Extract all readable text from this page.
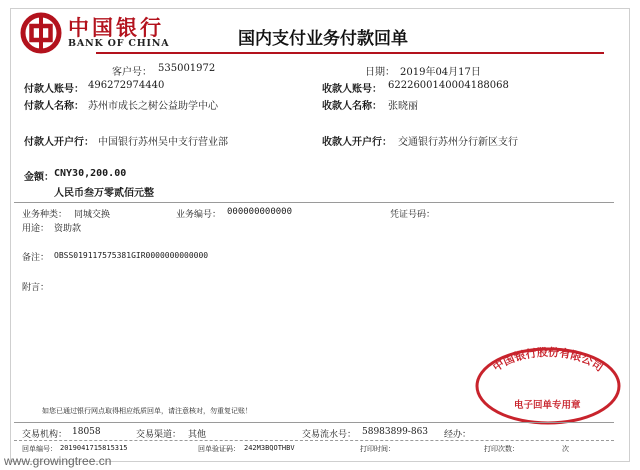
中国银行
BANK OF CHINA	国内支付业务付款回单
客户号： 535001972	日期： 2019年04月17日
付款人账号： 496272974440	收款人账号： 6222600140004188068
付款人名称： 苏州市成长之树公益助学中心	收款人名称： 张晓丽
付款人开户行： 中国银行苏州吴中支行营业部	收款人开户行： 交通银行苏州分行新区支行
金额： CNY30,200.00
人民币叁万零贰佰元整
业务种类： 同城交换	业务编号： 000000000000	凭证号码：
用途： 资助款
备注： OBSS019117575381GIR0000000000000
附言：
中国银行股份有限公司
电子回单专用章
如您已通过银行网点取得相应纸质回单，请注意核对，勿重复记账！
交易机构： 18058	交易渠道： 其他	交易流水号： 58983899-863 经办：
回单编号： 2019041715815315	回单验证码： 242M3BQOTHBV	打印时间：	打印次数：	次
www.growingtree.cn
